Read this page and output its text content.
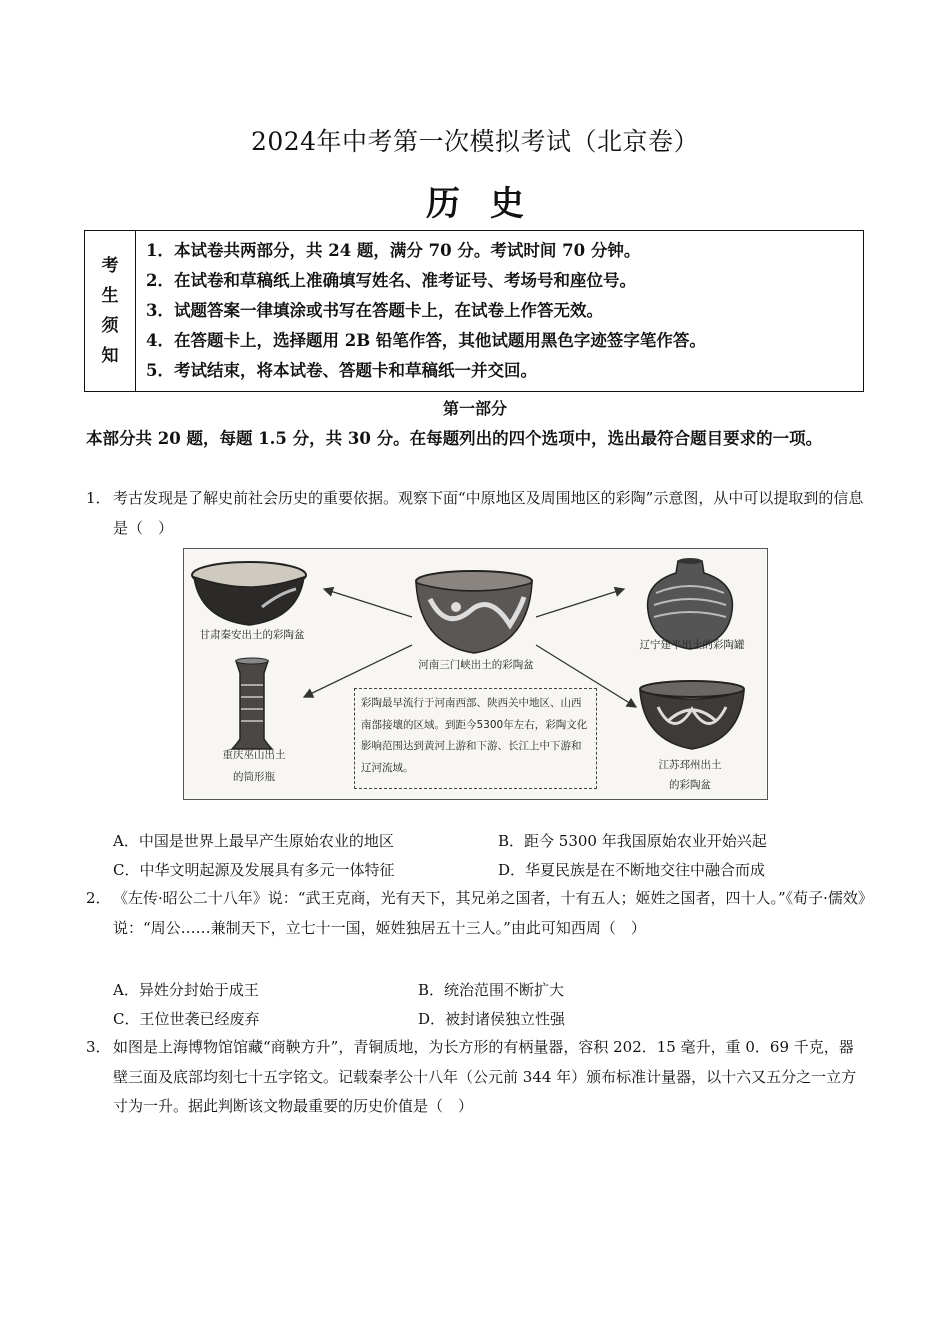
2024年中考第一次模拟考试（北京卷）
历史
考
生
须
知
1．本试卷共两部分，共 24 题，满分 70 分。考试时间 70 分钟。
2．在试卷和草稿纸上准确填写姓名、准考证号、考场号和座位号。
3．试题答案一律填涂或书写在答题卡上，在试卷上作答无效。
4．在答题卡上，选择题用 2B 铅笔作答，其他试题用黑色字迹签字笔作答。
5．考试结束，将本试卷、答题卡和草稿纸一并交回。
第一部分
本部分共 20 题，每题 1.5 分，共 30 分。在每题列出的四个选项中，选出最符合题目要求的一项。
1． 考古发现是了解史前社会历史的重要依据。观察下面“中原地区及周围地区的彩陶”示意图，从中可以提取到的信息是（　）
甘肃秦安出土的彩陶盆
河南三门峡出土的彩陶盆
辽宁建平出土的彩陶罐
重庆巫山出土
的筒形瓶
江苏邳州出土
的彩陶盆
彩陶最早流行于河南西部、陕西关中地区、山西南部接壤的区域。到距今5300年左右，彩陶文化影响范围达到黄河上游和下游、长江上中下游和辽河流域。
A．中国是世界上最早产生原始农业的地区	B．距今 5300 年我国原始农业开始兴起
C．中华文明起源及发展具有多元一体特征	D．华夏民族是在不断地交往中融合而成
2． 《左传·昭公二十八年》说：“武王克商，光有天下，其兄弟之国者，十有五人；姬姓之国者，四十人。”《荀子·儒效》说：“周公……兼制天下，立七十一国，姬姓独居五十三人。”由此可知西周（　）
A．异姓分封始于成王	B．统治范围不断扩大
C．王位世袭已经废弃	D．被封诸侯独立性强
3． 如图是上海博物馆馆藏“商鞅方升”，青铜质地，为长方形的有柄量器，容积 202．15 毫升，重 0．69 千克，器壁三面及底部均刻七十五字铭文。记载秦孝公十八年（公元前 344 年）颁布标准计量器，以十六又五分之一立方寸为一升。据此判断该文物最重要的历史价值是（　）
